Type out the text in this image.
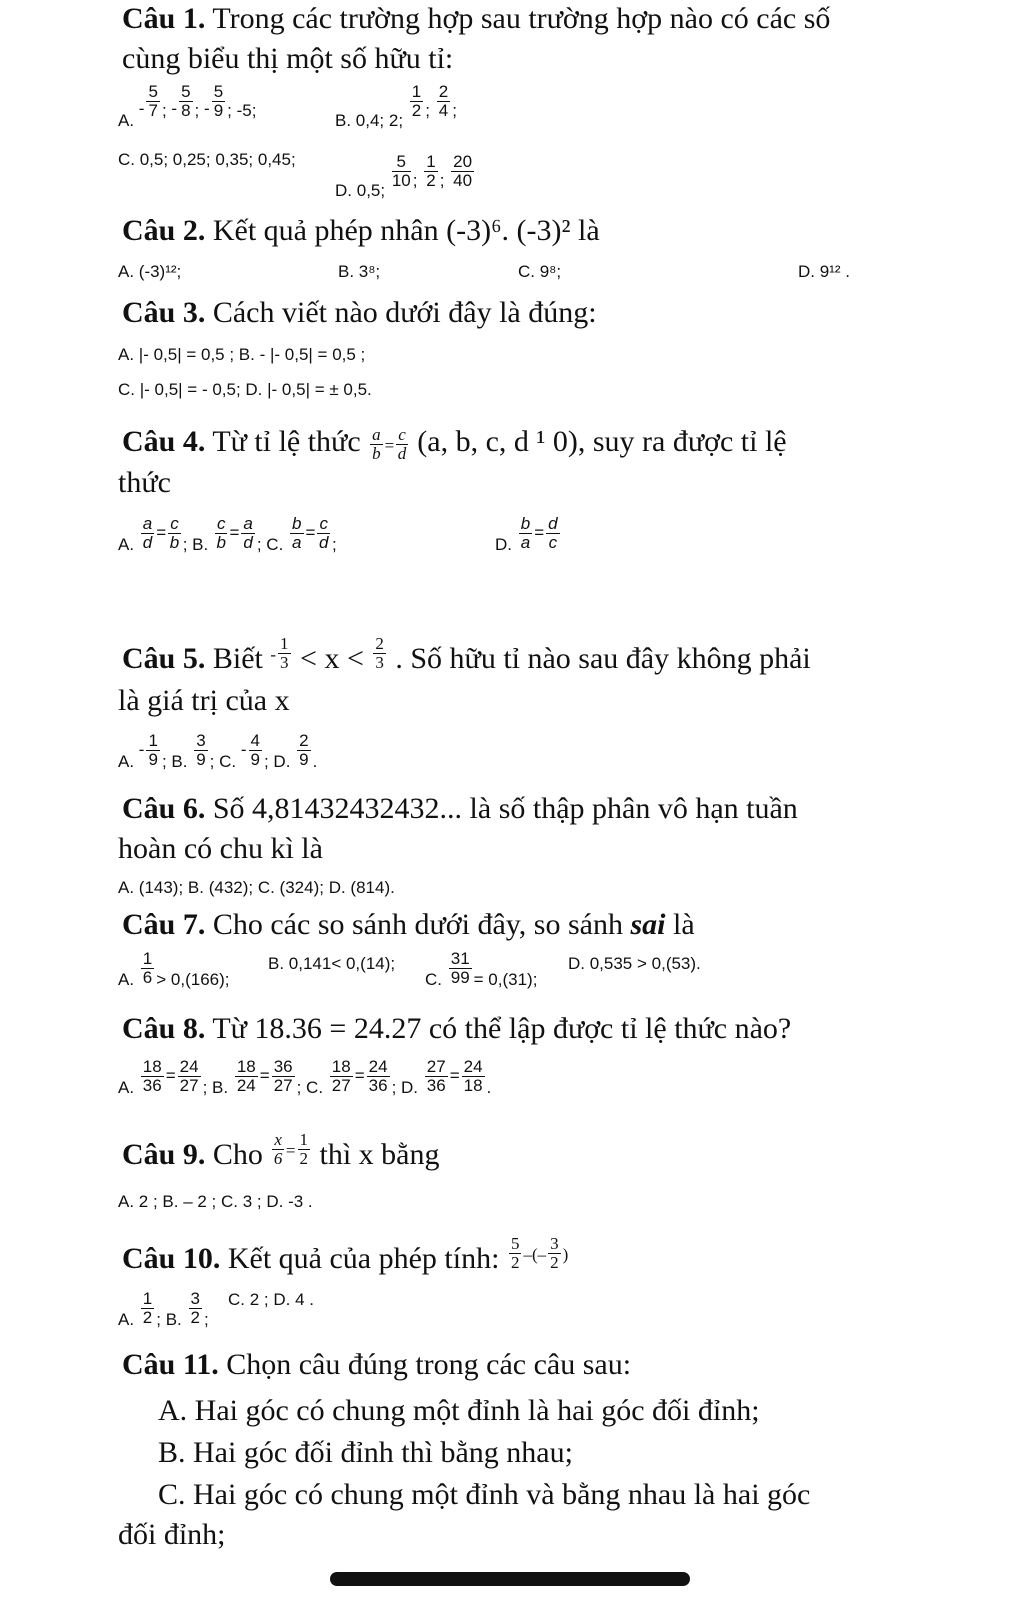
Câu 1. Trong các trường hợp sau trường hợp nào có các số
cùng biểu thị một số hữu tỉ:
A. - $\frac{5}{7}$ ; - $\frac{5}{8}$ ; - $\frac{5}{9}$ ; -5;
B. 0,4; 2;
$\frac{1}{2}$ ; $\frac{2}{4}$ ;
C. 0,5; 0,25; 0,35; 0,45;
D. 0,5;
$\frac{5}{10}$ ; $\frac{1}{2}$ ; $\frac{20}{40}$
Câu 2. Kết quả phép nhân (-3)⁶. (-3)² là
A. (-3)¹²;	B. 3⁸;	C. 9⁸;	D. 9¹² .
Câu 3. Cách viết nào dưới đây là đúng:
A. |- 0,5| = 0,5 ; B. - |- 0,5| = 0,5 ;
C. |- 0,5| = - 0,5; D. |- 0,5| = ± 0,5.
Câu 4. Từ tỉ lệ thức $\frac{a}{b} = \frac{c}{d} (a$, b, c, d ¹ 0), suy ra được tỉ lệ
thức
A. $\frac{a}{d} = \frac{c}{b}$ ; B. $\frac{c}{b} = \frac{a}{d}$ ; C. $\frac{b}{a} = \frac{c}{d}$ ;	D. $\frac{b}{a} = \frac{d}{c}$
Câu 5. Biết $^- \frac{1}{3} < x < \frac{2}{3}$ . Số hữu tỉ nào sau đây không phải
là giá trị của x
A. - $\frac{1}{9}$ ; B. $\frac{3}{9}$ ; C. - $\frac{4}{9}$ ; D. $\frac{2}{9}$ .
Câu 6. Số 4,81432432432... là số thập phân vô hạn tuần
hoàn có chu kì là
A. (143); B. (432); C. (324); D. (814).
Câu 7. Cho các so sánh dưới đây, so sánh sai là
A. $\frac{1}{6} > 0,(166)$;
B. 0,141< 0,(14);
C. $\frac{31}{99} = 0,(31)$;
D. 0,535 > 0,(53).
Câu 8. Từ 18.36 = 24.27 có thể lập được tỉ lệ thức nào?
A. $\frac{18}{36} = \frac{24}{27}$ ; B. $\frac{18}{24} = \frac{36}{27}$ ; C. $\frac{18}{27} = \frac{24}{36}$ ; D. $\frac{27}{36} = \frac{24}{18}$ .
Câu 9. Cho $\frac{x}{6} ^= \frac{1}{2}$ thì x bằng
A. 2 ; B. – 2 ; C. 3 ; D. -3 .
Câu 10. Kết quả của phép tính: $\frac{5}{2} ^{-(-} \frac{3}{2} ^)$
A. $\frac{1}{2}$ ; B. $\frac{3}{2}$ ;
C. 2 ; D. 4 .
Câu 11. Chọn câu đúng trong các câu sau:
A. Hai góc có chung một đỉnh là hai góc đối đỉnh;
B. Hai góc đối đỉnh thì bằng nhau;
C. Hai góc có chung một đỉnh và bằng nhau là hai góc
đối đỉnh;
